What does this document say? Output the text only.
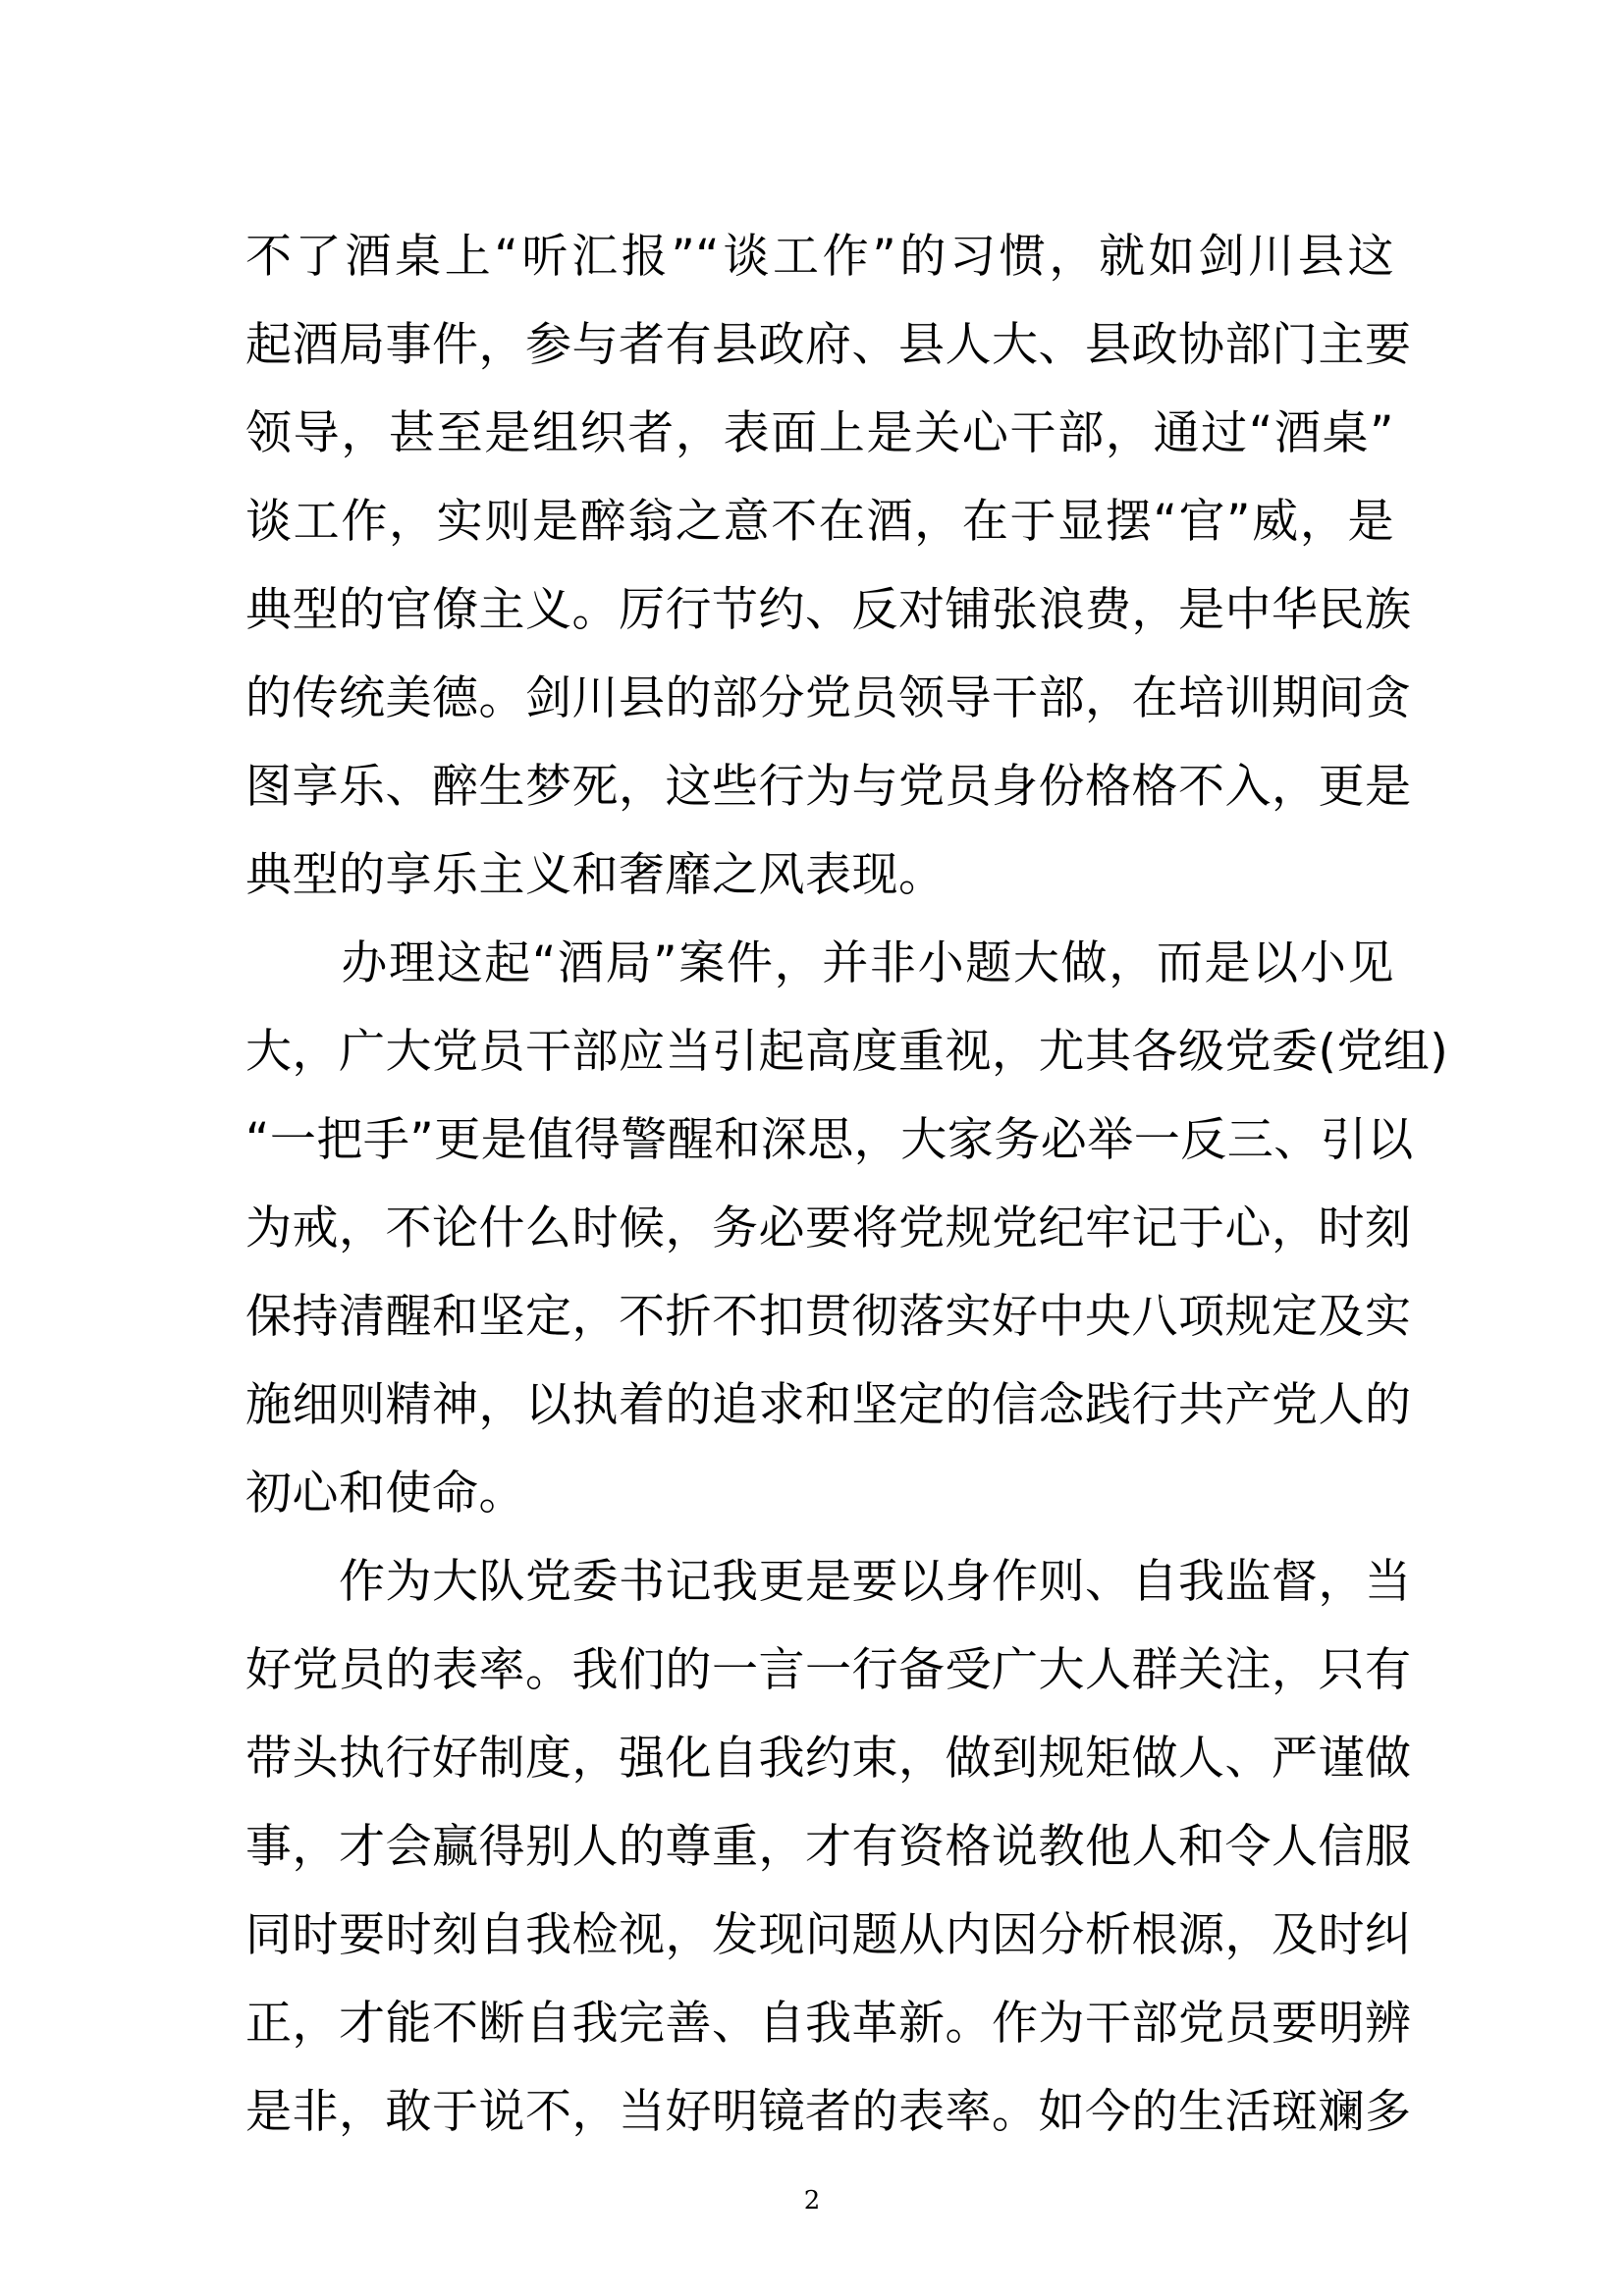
不了酒桌上“听汇报”“谈工作”的习惯，就如剑川县这
起酒局事件，参与者有县政府、县人大、县政协部门主要
领导，甚至是组织者，表面上是关心干部，通过“酒桌”
谈工作，实则是醉翁之意不在酒，在于显摆“官”威，是
典型的官僚主义。厉行节约、反对铺张浪费，是中华民族
的传统美德。剑川县的部分党员领导干部，在培训期间贪
图享乐、醉生梦死，这些行为与党员身份格格不入，更是
典型的享乐主义和奢靡之风表现。
　　办理这起“酒局”案件，并非小题大做，而是以小见
大，广大党员干部应当引起高度重视，尤其各级党委(党组)
“一把手”更是值得警醒和深思，大家务必举一反三、引以
为戒，不论什么时候，务必要将党规党纪牢记于心，时刻
保持清醒和坚定，不折不扣贯彻落实好中央八项规定及实
施细则精神，以执着的追求和坚定的信念践行共产党人的
初心和使命。
　　作为大队党委书记我更是要以身作则、自我监督，当
好党员的表率。我们的一言一行备受广大人群关注，只有
带头执行好制度，强化自我约束，做到规矩做人、严谨做
事，才会赢得别人的尊重，才有资格说教他人和令人信服
同时要时刻自我检视，发现问题从内因分析根源，及时纠
正，才能不断自我完善、自我革新。作为干部党员要明辨
是非，敢于说不，当好明镜者的表率。如今的生活斑斓多
2
